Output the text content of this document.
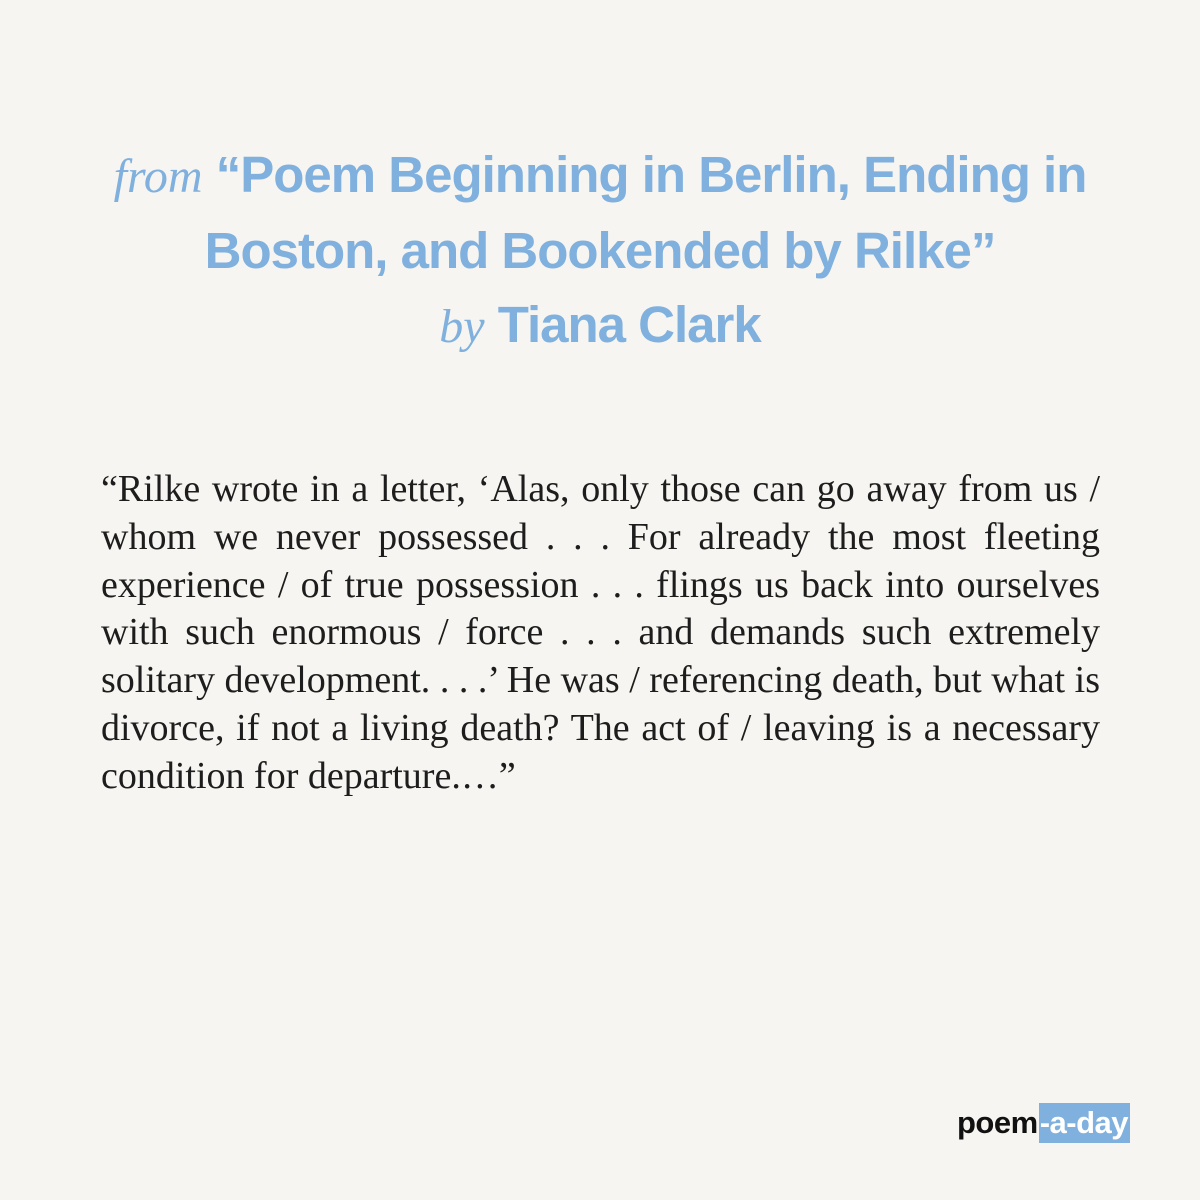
from “Poem Beginning in Berlin, Ending in
Boston, and Bookended by Rilke”
by Tiana Clark

“Rilke wrote in a letter, ‘Alas, only those can go away from us / whom we never possessed . . . For already the most fleeting experience / of true possession . . . flings us back into ourselves with such enormous / force . . . and demands such extremely solitary development. . . .’ He was / referencing death, but what is divorce, if not a living death? The act of / leaving is a necessary condition for departure.…”

poem -a-day
